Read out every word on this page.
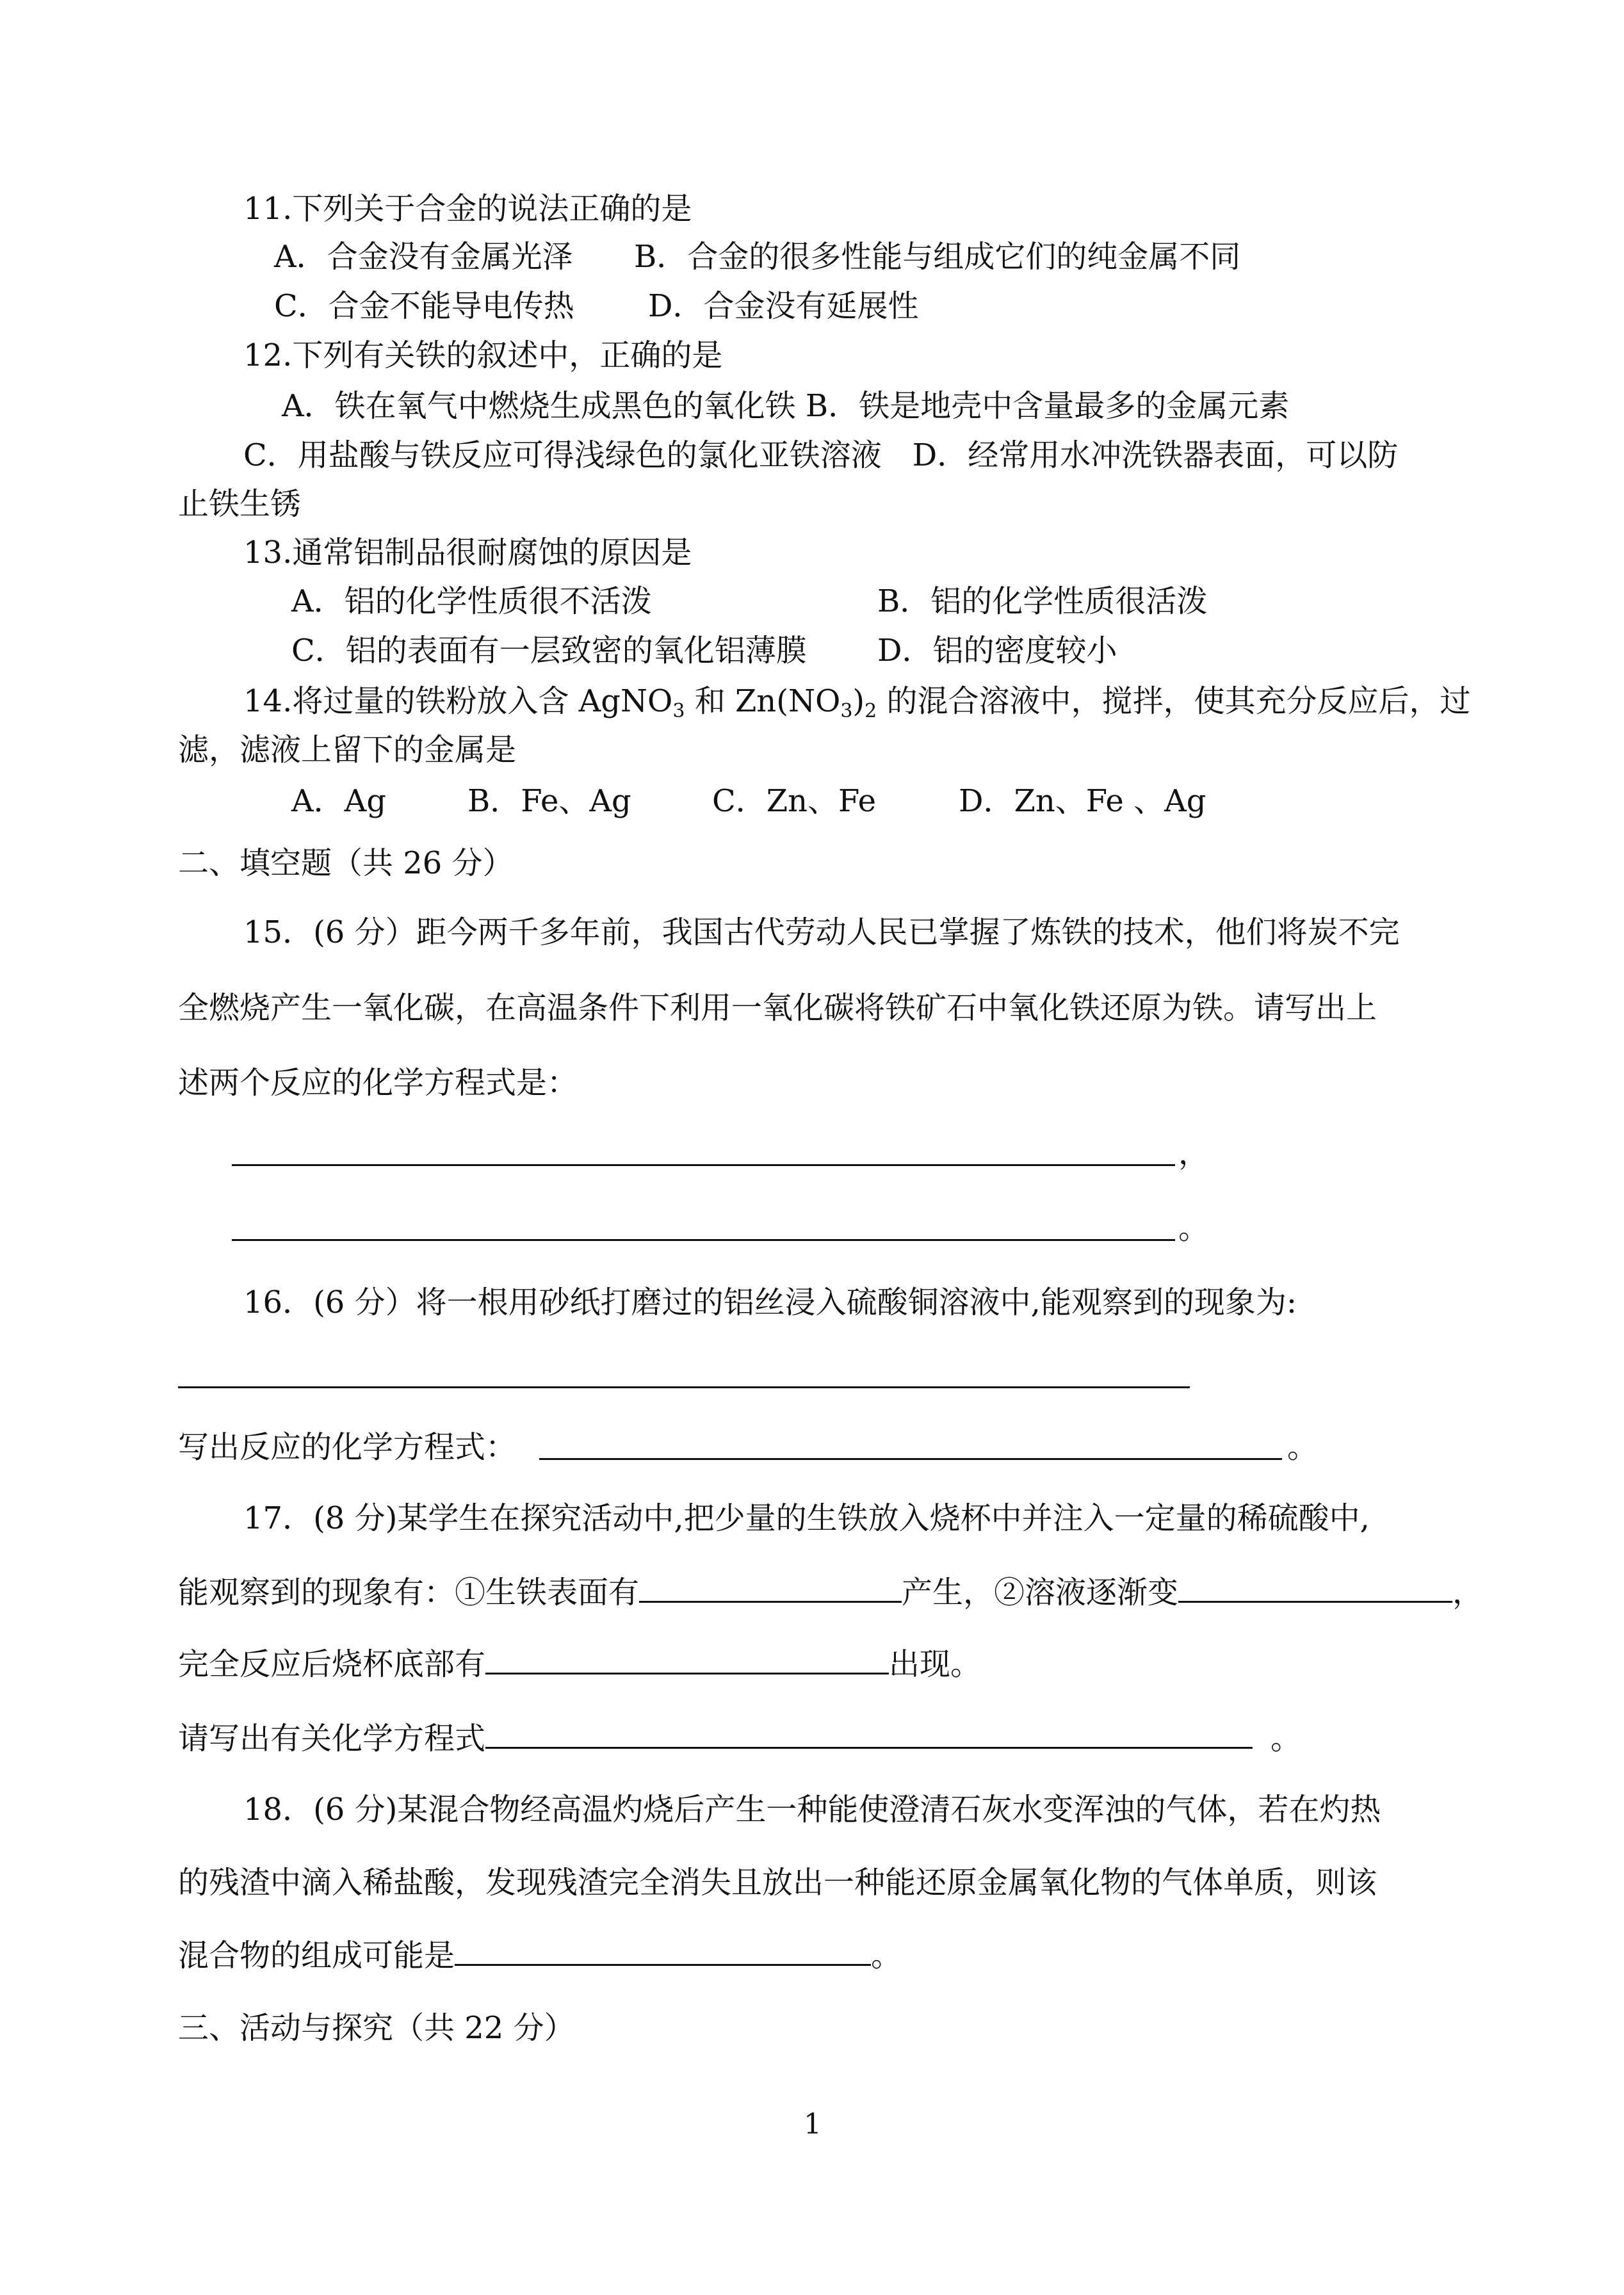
11.下列关于合金的说法正确的是
A．合金没有金属光泽 B．合金的很多性能与组成它们的纯金属不同
C．合金不能导电传热 D．合金没有延展性
12.下列有关铁的叙述中，正确的是
A．铁在氧气中燃烧生成黑色的氧化铁 B．铁是地壳中含量最多的金属元素
C．用盐酸与铁反应可得浅绿色的氯化亚铁溶液　D．经常用水冲洗铁器表面，可以防
止铁生锈
13.通常铝制品很耐腐蚀的原因是
A．铝的化学性质很不活泼	B．铝的化学性质很活泼
C．铝的表面有一层致密的氧化铝薄膜 D．铝的密度较小
14.将过量的铁粉放入含 AgNO$_3$ 和 $Zn(NO_3)_2$ 的混合溶液中，搅拌，使其充分反应后，过
滤，滤液上留下的金属是
A．Ag	B．Fe、Ag	C．Zn、Fe	D．Zn、Fe 、Ag
二、填空题（共 26 分）
15．(6 分）距今两千多年前，我国古代劳动人民已掌握了炼铁的技术，他们将炭不完
全燃烧产生一氧化碳，在高温条件下利用一氧化碳将铁矿石中氧化铁还原为铁。请写出上
述两个反应的化学方程式是：
，
。
16．(6 分）将一根用砂纸打磨过的铝丝浸入硫酸铜溶液中,能观察到的现象为:
写出反应的化学方程式：	。
17．(8 分)某学生在探究活动中,把少量的生铁放入烧杯中并注入一定量的稀硫酸中,
能观察到的现象有：①生铁表面有	产生，②溶液逐渐变	，
完全反应后烧杯底部有	出现。
请写出有关化学方程式	。
18．(6 分)某混合物经高温灼烧后产生一种能使澄清石灰水变浑浊的气体，若在灼热
的残渣中滴入稀盐酸，发现残渣完全消失且放出一种能还原金属氧化物的气体单质，则该
混合物的组成可能是	。
三、活动与探究（共 22 分）
1
